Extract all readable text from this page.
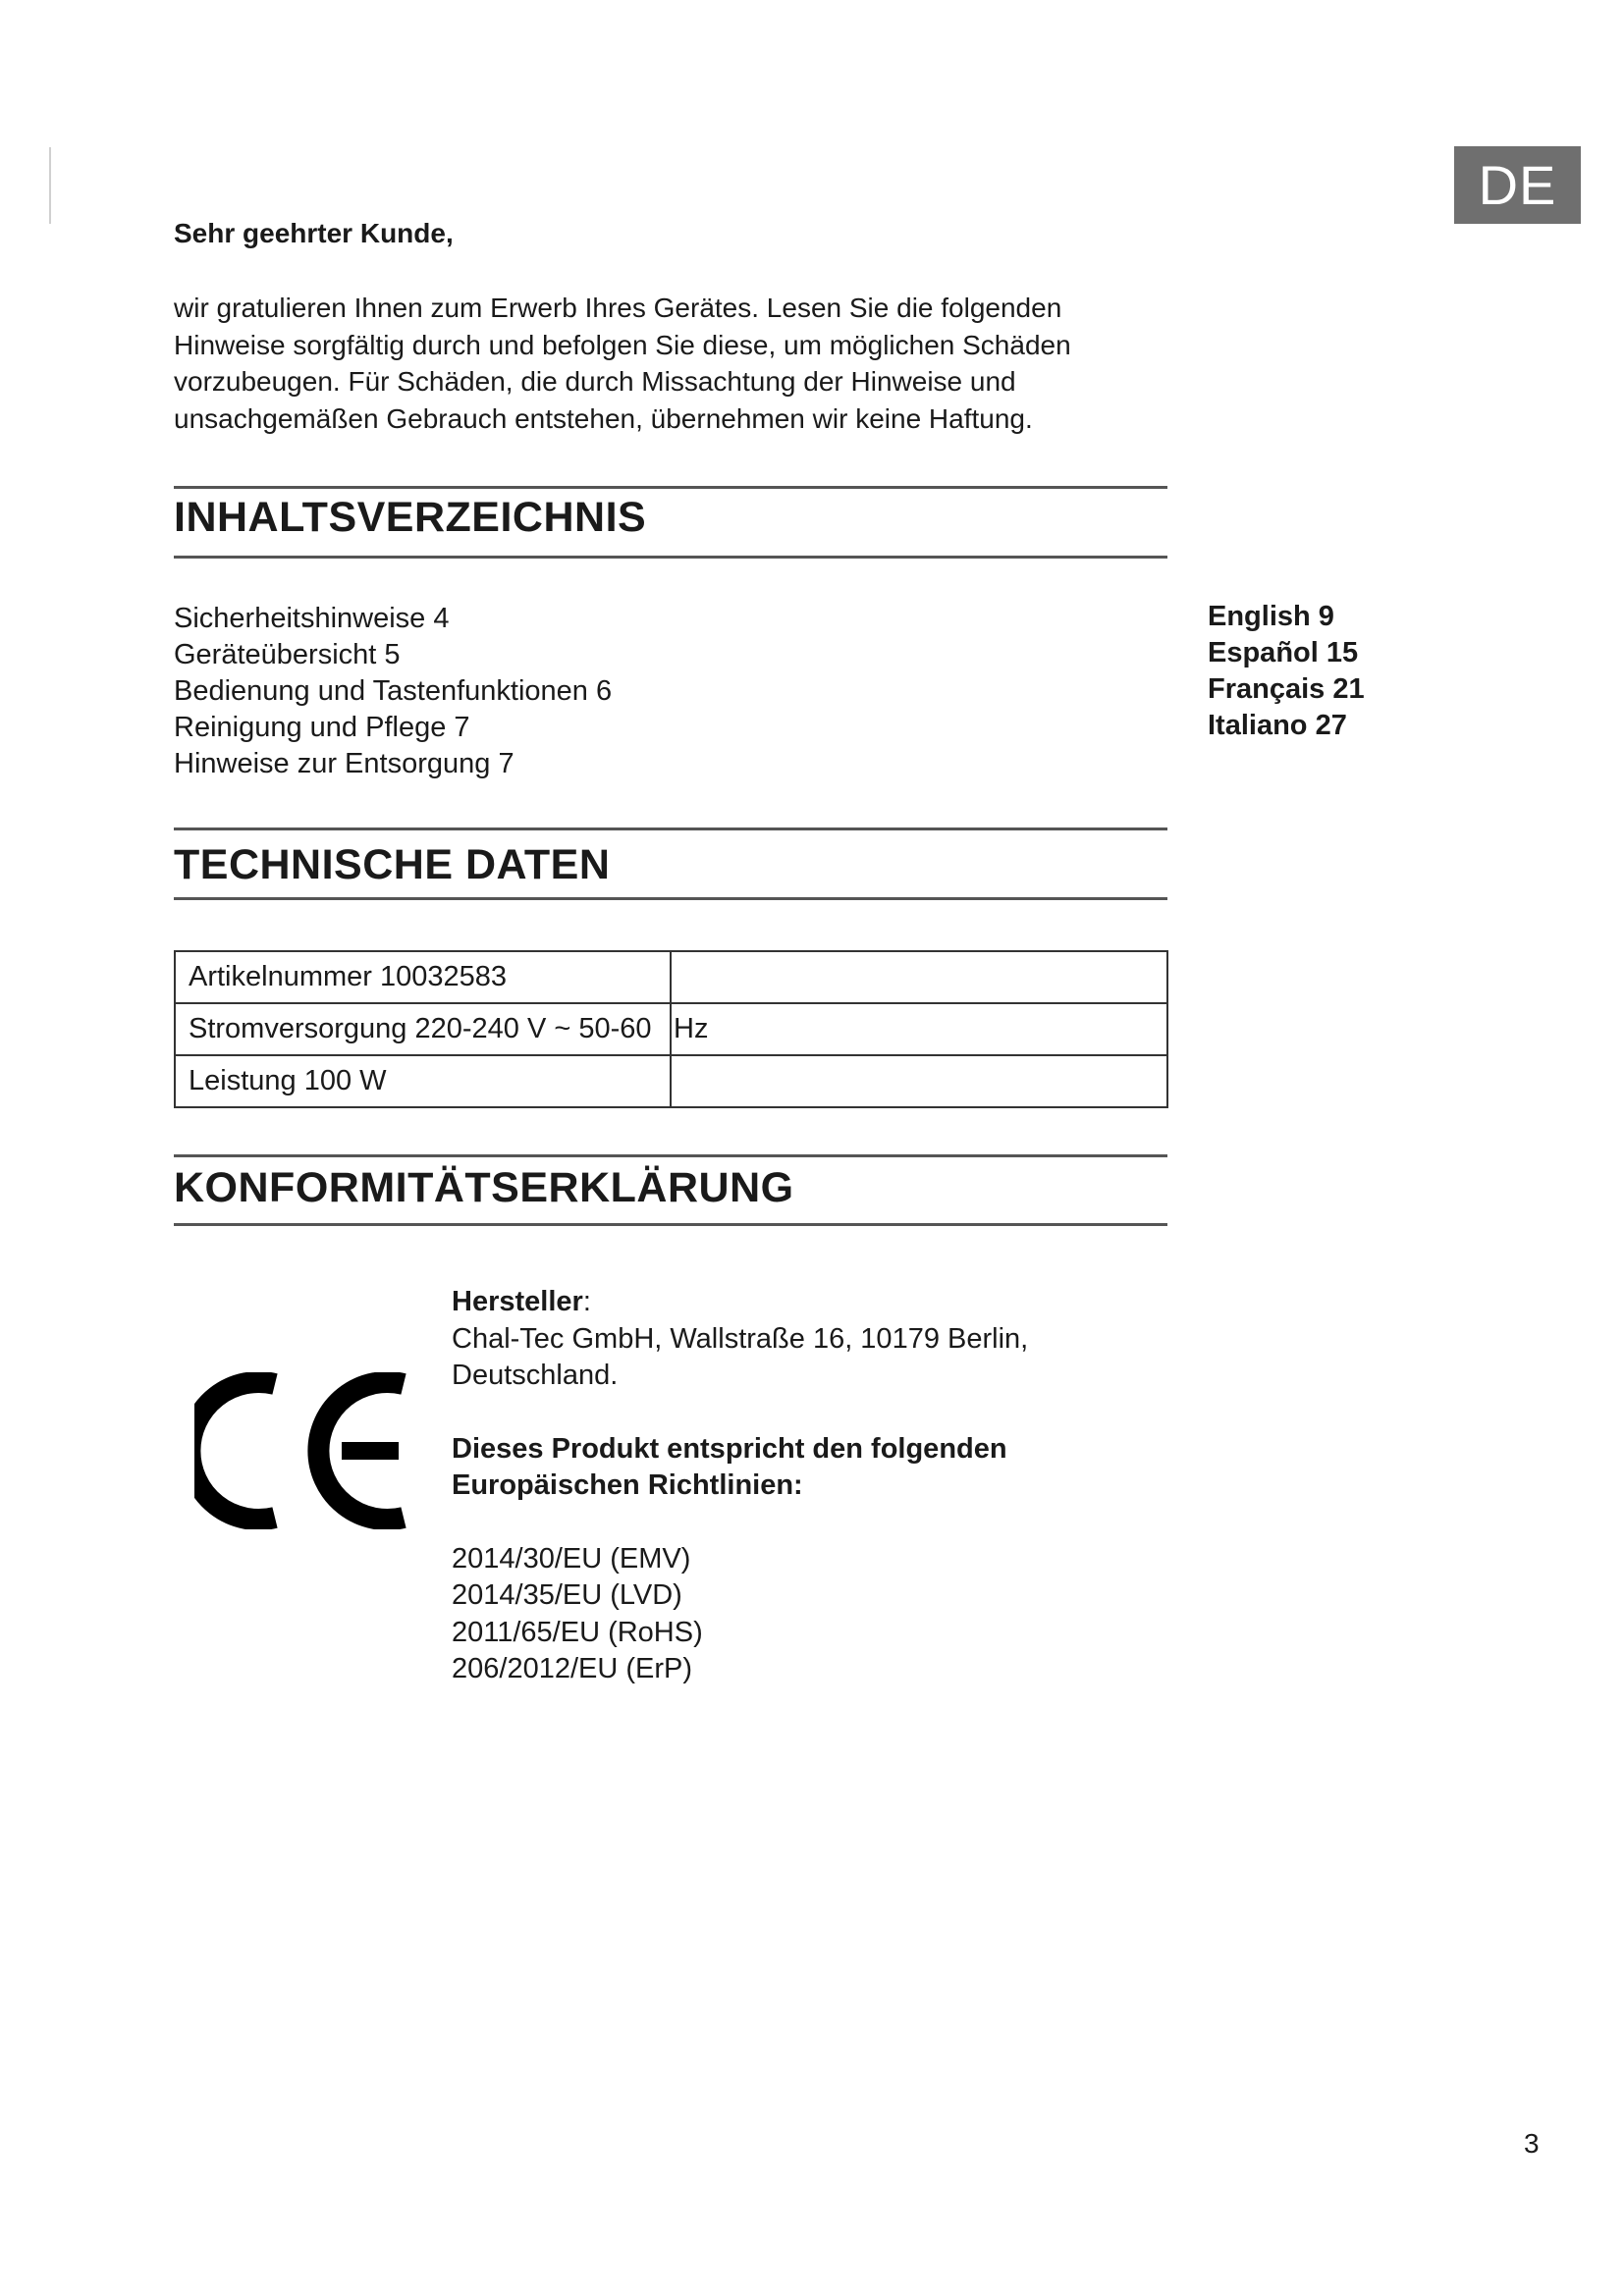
DE
Sehr geehrter Kunde,
wir gratulieren Ihnen zum Erwerb Ihres Gerätes. Lesen Sie die folgenden
Hinweise sorgfältig durch und befolgen Sie diese, um möglichen Schäden
vorzubeugen. Für Schäden, die durch Missachtung der Hinweise und
unsachgemäßen Gebrauch entstehen, übernehmen wir keine Haftung.
INHALTSVERZEICHNIS
Sicherheitshinweise 4
Geräteübersicht 5
Bedienung und Tastenfunktionen 6
Reinigung und Pflege 7
Hinweise zur Entsorgung 7
English 9
Español 15
Français 21
Italiano 27
TECHNISCHE DATEN
Artikelnummer 10032583	
Stromversorgung 220-240 V ~ 50-60	Hz
Leistung 100 W	
KONFORMITÄTSERKLÄRUNG
Hersteller:
Chal-Tec GmbH, Wallstraße 16, 10179 Berlin,
Deutschland.
Dieses Produkt entspricht den folgenden
Europäischen Richtlinien:
2014/30/EU (EMV)
2014/35/EU (LVD)
2011/65/EU (RoHS)
206/2012/EU (ErP)
3
